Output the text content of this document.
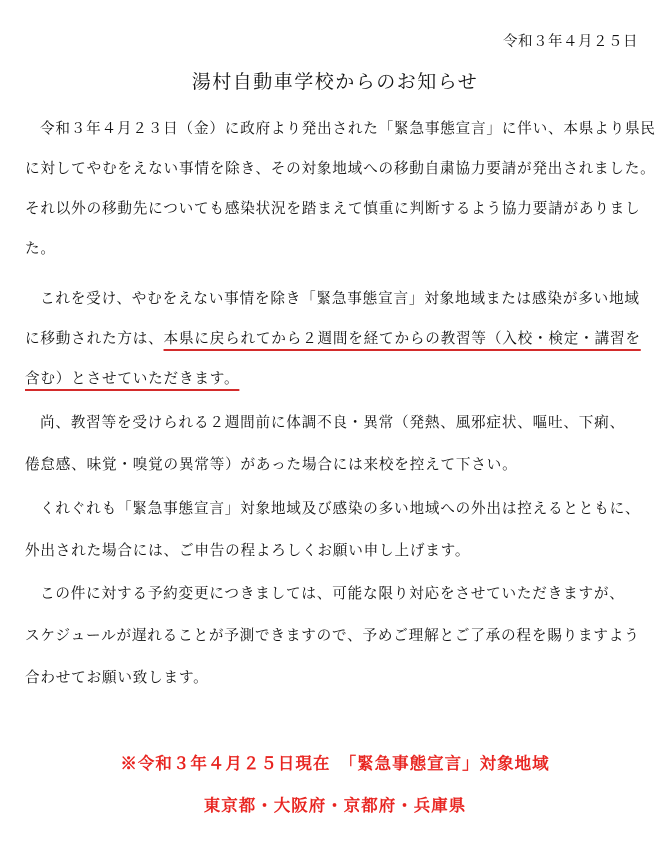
令和３年４月２５日
湯村自動車学校からのお知らせ
令和３年４月２３日（金）に政府より発出された「緊急事態宣言」に伴い、本県より県民
に対してやむをえない事情を除き、その対象地域への移動自粛協力要請が発出されました。
それ以外の移動先についても感染状況を踏まえて慎重に判断するよう協力要請がありまし
た。
これを受け、やむをえない事情を除き「緊急事態宣言」対象地域または感染が多い地域
に移動された方は、本県に戻られてから２週間を経てからの教習等（入校・検定・講習を
含む）とさせていただきます。
尚、教習等を受けられる２週間前に体調不良・異常（発熱、風邪症状、嘔吐、下痢、
倦怠感、味覚・嗅覚の異常等）があった場合には来校を控えて下さい。
くれぐれも「緊急事態宣言」対象地域及び感染の多い地域への外出は控えるとともに、
外出された場合には、ご申告の程よろしくお願い申し上げます。
この件に対する予約変更につきましては、可能な限り対応をさせていただきますが、
スケジュールが遅れることが予測できますので、予めご理解とご了承の程を賜りますよう
合わせてお願い致します。
※令和３年４月２５日現在　「緊急事態宣言」対象地域
東京都・大阪府・京都府・兵庫県
